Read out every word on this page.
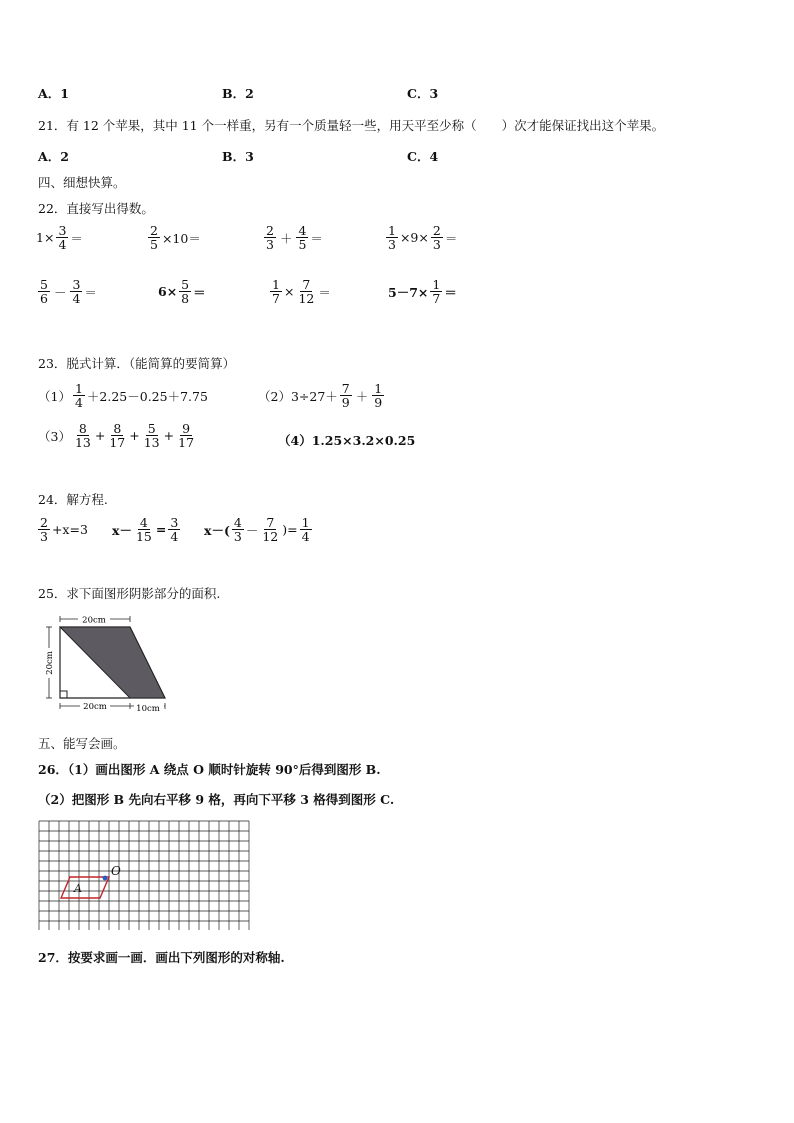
A．1	B．2	C．3
21．有 12 个苹果，其中 11 个一样重，另有一个质量轻一些，用天平至少称（　　）次才能保证找出这个苹果。
A．2	B．3	C．4
四、细想快算。
22．直接写出得数。
$1\times \frac{3}{4}$ ＝	$\frac{2}{5} \times 10=$	$\frac{2}{3} + \frac{4}{5}$ ＝	$\frac{1}{3} \times 9\times \frac{2}{3}$ ＝
$\frac{5}{6} - \frac{3}{4}$ ＝	$6\times \frac{5}{8}$ ＝	$\frac{1}{7} \times \frac{7}{12}$ ＝	$5-7\times \frac{1}{7}$ ＝
23．脱式计算．（能简算的要简算）
$(1) \frac{1}{4} +2.25-0.25+7.75$	（2） $3\div 27+ \frac{7}{9} + \frac{1}{9}$
$(3) \frac{8}{13} + \frac{8}{17} + \frac{5}{13} + \frac{9}{17}$	（4） 1.25×3.2×0.25
24．解方程.
$\frac{2}{3} +x=3$ $x- \frac{4}{15} = \frac{3}{4} x-( \frac{4}{3} - \frac{7}{12}$ )= $\frac{1}{4}$
25．求下面图形阴影部分的面积.
20cm
20cm
20cm	10cm
五、能写会画。
26．（1）画出图形 A 绕点 O 顺时针旋转 90°后得到图形 B.
（2）把图形 B 先向右平移 9 格，再向下平移 3 格得到图形 C.
O
A
27．按要求画一画．画出下列图形的对称轴.
